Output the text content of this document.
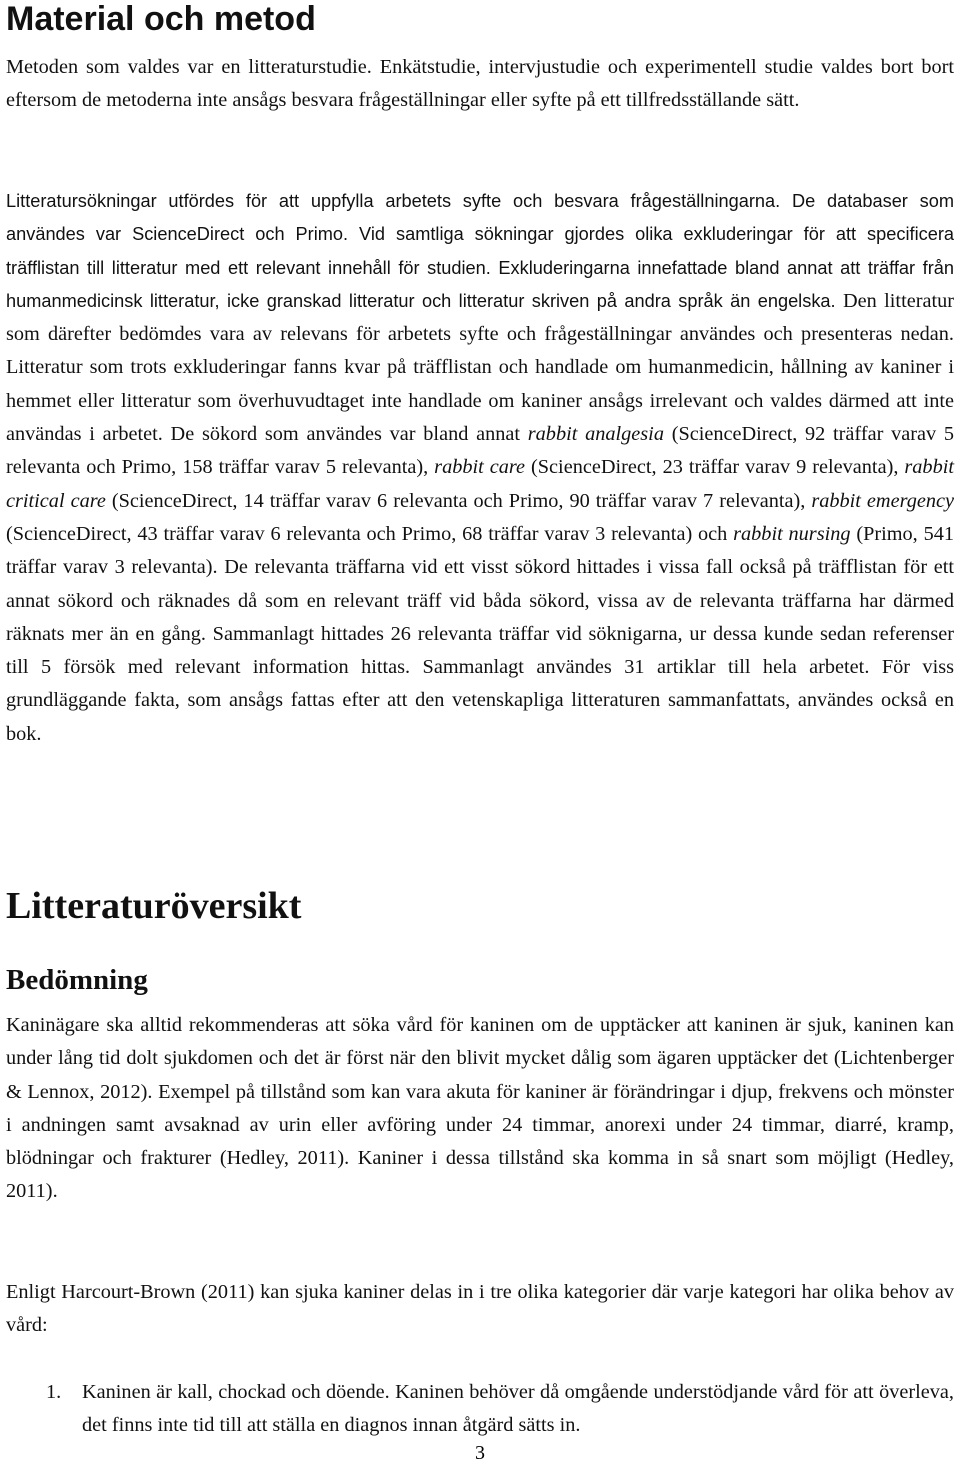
Material och metod

Metoden som valdes var en litteraturstudie. Enkätstudie, intervjustudie och experimentell studie valdes bort bort eftersom de metoderna inte ansågs besvara frågeställningar eller syfte på ett tillfredsställande sätt.

Litteratursökningar utfördes för att uppfylla arbetets syfte och besvara frågeställningarna. De databaser som användes var ScienceDirect och Primo. Vid samtliga sökningar gjordes olika exkluderingar för att specificera träfflistan till litteratur med ett relevant innehåll för studien. Exkluderingarna innefattade bland annat att träffar från humanmedicinsk litteratur, icke granskad litteratur och litteratur skriven på andra språk än engelska. Den litteratur som därefter bedömdes vara av relevans för arbetets syfte och frågeställningar användes och presenteras nedan. Litteratur som trots exkluderingar fanns kvar på träfflistan och handlade om humanmedicin, hållning av kaniner i hemmet eller litteratur som överhuvudtaget inte handlade om kaniner ansågs irrelevant och valdes därmed att inte användas i arbetet. De sökord som användes var bland annat rabbit analgesia (ScienceDirect, 92 träffar varav 5 relevanta och Primo, 158 träffar varav 5 relevanta), rabbit care (ScienceDirect, 23 träffar varav 9 relevanta), rabbit critical care (ScienceDirect, 14 träffar varav 6 relevanta och Primo, 90 träffar varav 7 relevanta), rabbit emergency (ScienceDirect, 43 träffar varav 6 relevanta och Primo, 68 träffar varav 3 relevanta) och rabbit nursing (Primo, 541 träffar varav 3 relevanta). De relevanta träffarna vid ett visst sökord hittades i vissa fall också på träfflistan för ett annat sökord och räknades då som en relevant träff vid båda sökord, vissa av de relevanta träffarna har därmed räknats mer än en gång. Sammanlagt hittades 26 relevanta träffar vid söknigarna, ur dessa kunde sedan referenser till 5 försök med relevant information hittas. Sammanlagt användes 31 artiklar till hela arbetet. För viss grundläggande fakta, som ansågs fattas efter att den vetenskapliga litteraturen sammanfattats, användes också en bok.

Litteraturöversikt
Bedömning

Kaninägare ska alltid rekommenderas att söka vård för kaninen om de upptäcker att kaninen är sjuk, kaninen kan under lång tid dolt sjukdomen och det är först när den blivit mycket dålig som ägaren upptäcker det (Lichtenberger & Lennox, 2012). Exempel på tillstånd som kan vara akuta för kaniner är förändringar i djup, frekvens och mönster i andningen samt avsaknad av urin eller avföring under 24 timmar, anorexi under 24 timmar, diarré, kramp, blödningar och frakturer (Hedley, 2011). Kaniner i dessa tillstånd ska komma in så snart som möjligt (Hedley, 2011).

Enligt Harcourt-Brown (2011) kan sjuka kaniner delas in i tre olika kategorier där varje kategori har olika behov av vård:

1. Kaninen är kall, chockad och döende. Kaninen behöver då omgående understödjande vård för att överleva, det finns inte tid till att ställa en diagnos innan åtgärd sätts in.
3
